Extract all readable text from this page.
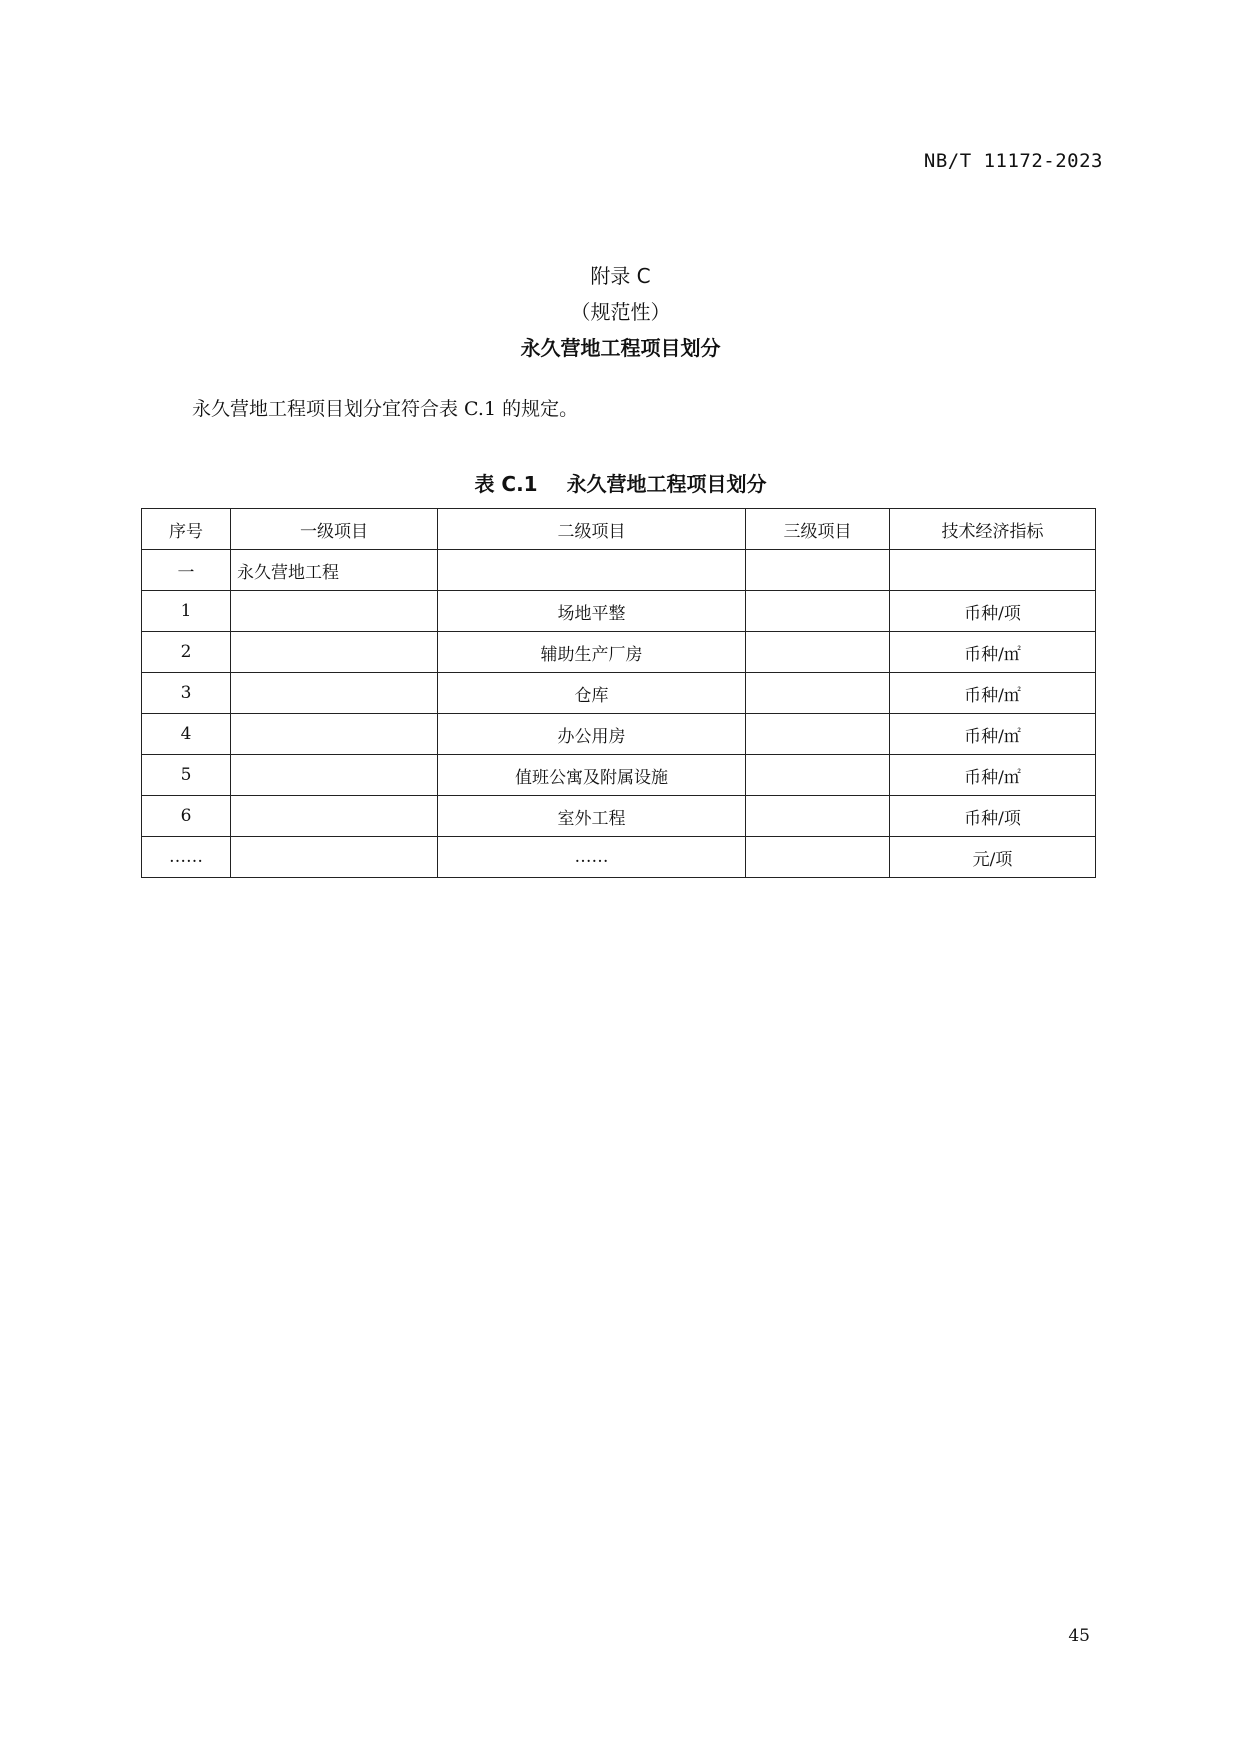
NB/T 11172-2023
附录 C
（规范性）
永久营地工程项目划分
永久营地工程项目划分宜符合表 C.1 的规定。
表 C.1 永久营地工程项目划分
序号	一级项目	二级项目	三级项目	技术经济指标
一	永久营地工程			
1		场地平整		币种/项
2		辅助生产厂房		币种/㎡
3		仓库		币种/㎡
4		办公用房		币种/㎡
5		值班公寓及附属设施		币种/㎡
6		室外工程		币种/项
……		……		元/项
45
